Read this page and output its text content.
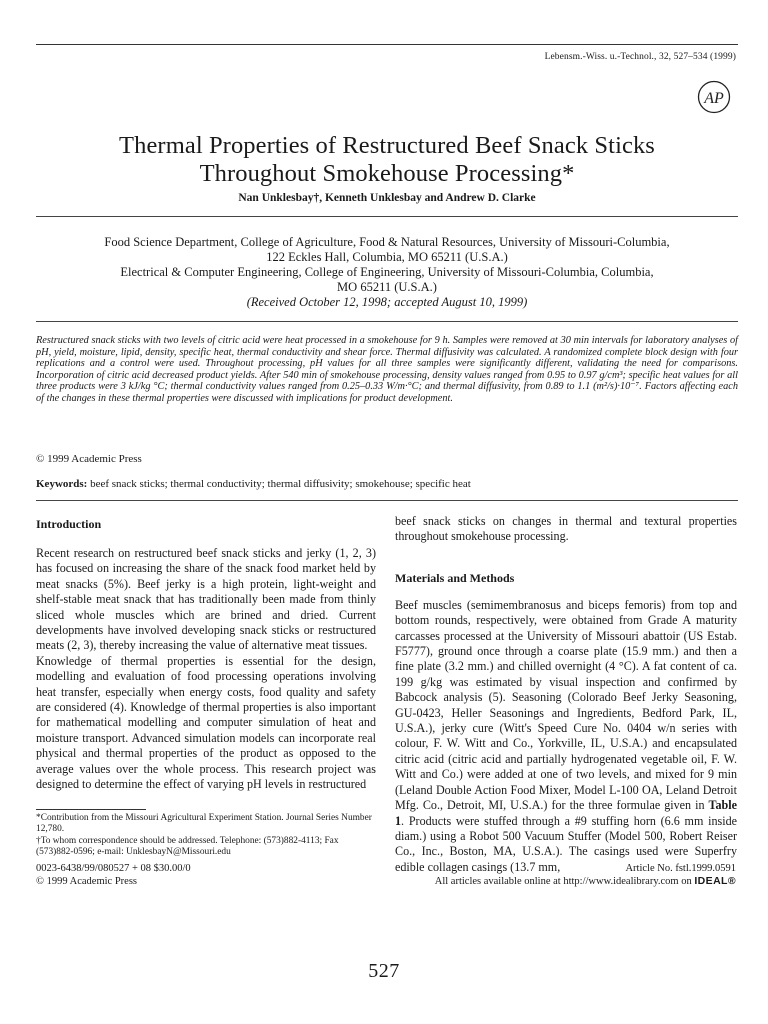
Lebensm.-Wiss. u.-Technol., 32, 527–534 (1999)
AP
Thermal Properties of Restructured Beef Snack Sticks
Throughout Smokehouse Processing*
Nan Unklesbay†, Kenneth Unklesbay and Andrew D. Clarke
Food Science Department, College of Agriculture, Food & Natural Resources, University of Missouri-Columbia,
122 Eckles Hall, Columbia, MO 65211 (U.S.A.)
Electrical & Computer Engineering, College of Engineering, University of Missouri-Columbia, Columbia,
MO 65211 (U.S.A.)
(Received October 12, 1998; accepted August 10, 1999)

Restructured snack sticks with two levels of citric acid were heat processed in a smokehouse for 9 h. Samples were removed at 30 min intervals for laboratory analyses of pH, yield, moisture, lipid, density, specific heat, thermal conductivity and shear force. Thermal diffusivity was calculated. A randomized complete block design with four replications and a control were used. Throughout processing, pH values for all three samples were significantly different, validating the need for comparisons. Incorporation of citric acid decreased product yields. After 540 min of smokehouse processing, density values ranged from 0.95 to 0.97 g/cm³; specific heat values for all three products were 3 kJ/kg °C; thermal conductivity values ranged from 0.25–0.33 W/m·°C; and thermal diffusivity, from 0.89 to 1.1 (m²/s)·10⁻⁷. Factors affecting each of the changes in these thermal properties were discussed with implications for product development.

© 1999 Academic Press
Keywords: beef snack sticks; thermal conductivity; thermal diffusivity; smokehouse; specific heat
Introduction

Recent research on restructured beef snack sticks and jerky (1, 2, 3) has focused on increasing the share of the snack food market held by meat snacks (5%). Beef jerky is a high protein, light-weight and shelf-stable meat snack that has traditionally been made from thinly sliced whole muscles which are brined and dried. Current developments have involved developing snack sticks or restructured meats (2, 3), thereby increasing the value of alternative meat tissues.

Knowledge of thermal properties is essential for the design, modelling and evaluation of food processing operations involving heat transfer, especially when energy costs, food quality and safety are considered (4). Knowledge of thermal properties is also important for mathematical modelling and computer simulation of heat and moisture transport. Advanced simulation models can incorporate real physical and thermal properties of the product as opposed to the average values over the whole process. This research project was designed to determine the effect of varying pH levels in restructured

beef snack sticks on changes in thermal and textural properties throughout smokehouse processing.

Materials and Methods

Beef muscles (semimembranosus and biceps femoris) from top and bottom rounds, respectively, were obtained from Grade A maturity carcasses processed at the University of Missouri abattoir (US Estab. F5777), ground once through a coarse plate (15.9 mm.) and then a fine plate (3.2 mm.) and chilled overnight (4 °C). A fat content of ca. 199 g/kg was estimated by visual inspection and confirmed by Babcock analysis (5). Seasoning (Colorado Beef Jerky Seasoning, GU-0423, Heller Seasonings and Ingredients, Bedford Park, IL, U.S.A.), jerky cure (Witt's Speed Cure No. 0404 w/n series with colour, F. W. Witt and Co., Yorkville, IL, U.S.A.) and encapsulated citric acid (citric acid and partially hydrogenated vegetable oil, F. W. Witt and Co.) were added at one of two levels, and mixed for 9 min (Leland Double Action Food Mixer, Model L-100 OA, Leland Detroit Mfg. Co., Detroit, MI, U.S.A.) for the three formulae given in Table 1. Products were stuffed through a #9 stuffing horn (6.6 mm inside diam.) using a Robot 500 Vacuum Stuffer (Model 500, Robert Reiser Co., Inc., Boston, MA, U.S.A.). The casings used were Superfry edible collagen casings (13.7 mm,

*Contribution from the Missouri Agricultural Experiment Station. Journal Series Number 12,780.

†To whom correspondence should be addressed. Telephone: (573)882-4113; Fax (573)882-0596; e-mail: UnklesbayN@Missouri.edu

0023-6438/99/080527 + 08 $30.00/0

© 1999 Academic Press

Article No. fstl.1999.0591

All articles available online at http://www.idealibrary.com on IDEAL®

527
